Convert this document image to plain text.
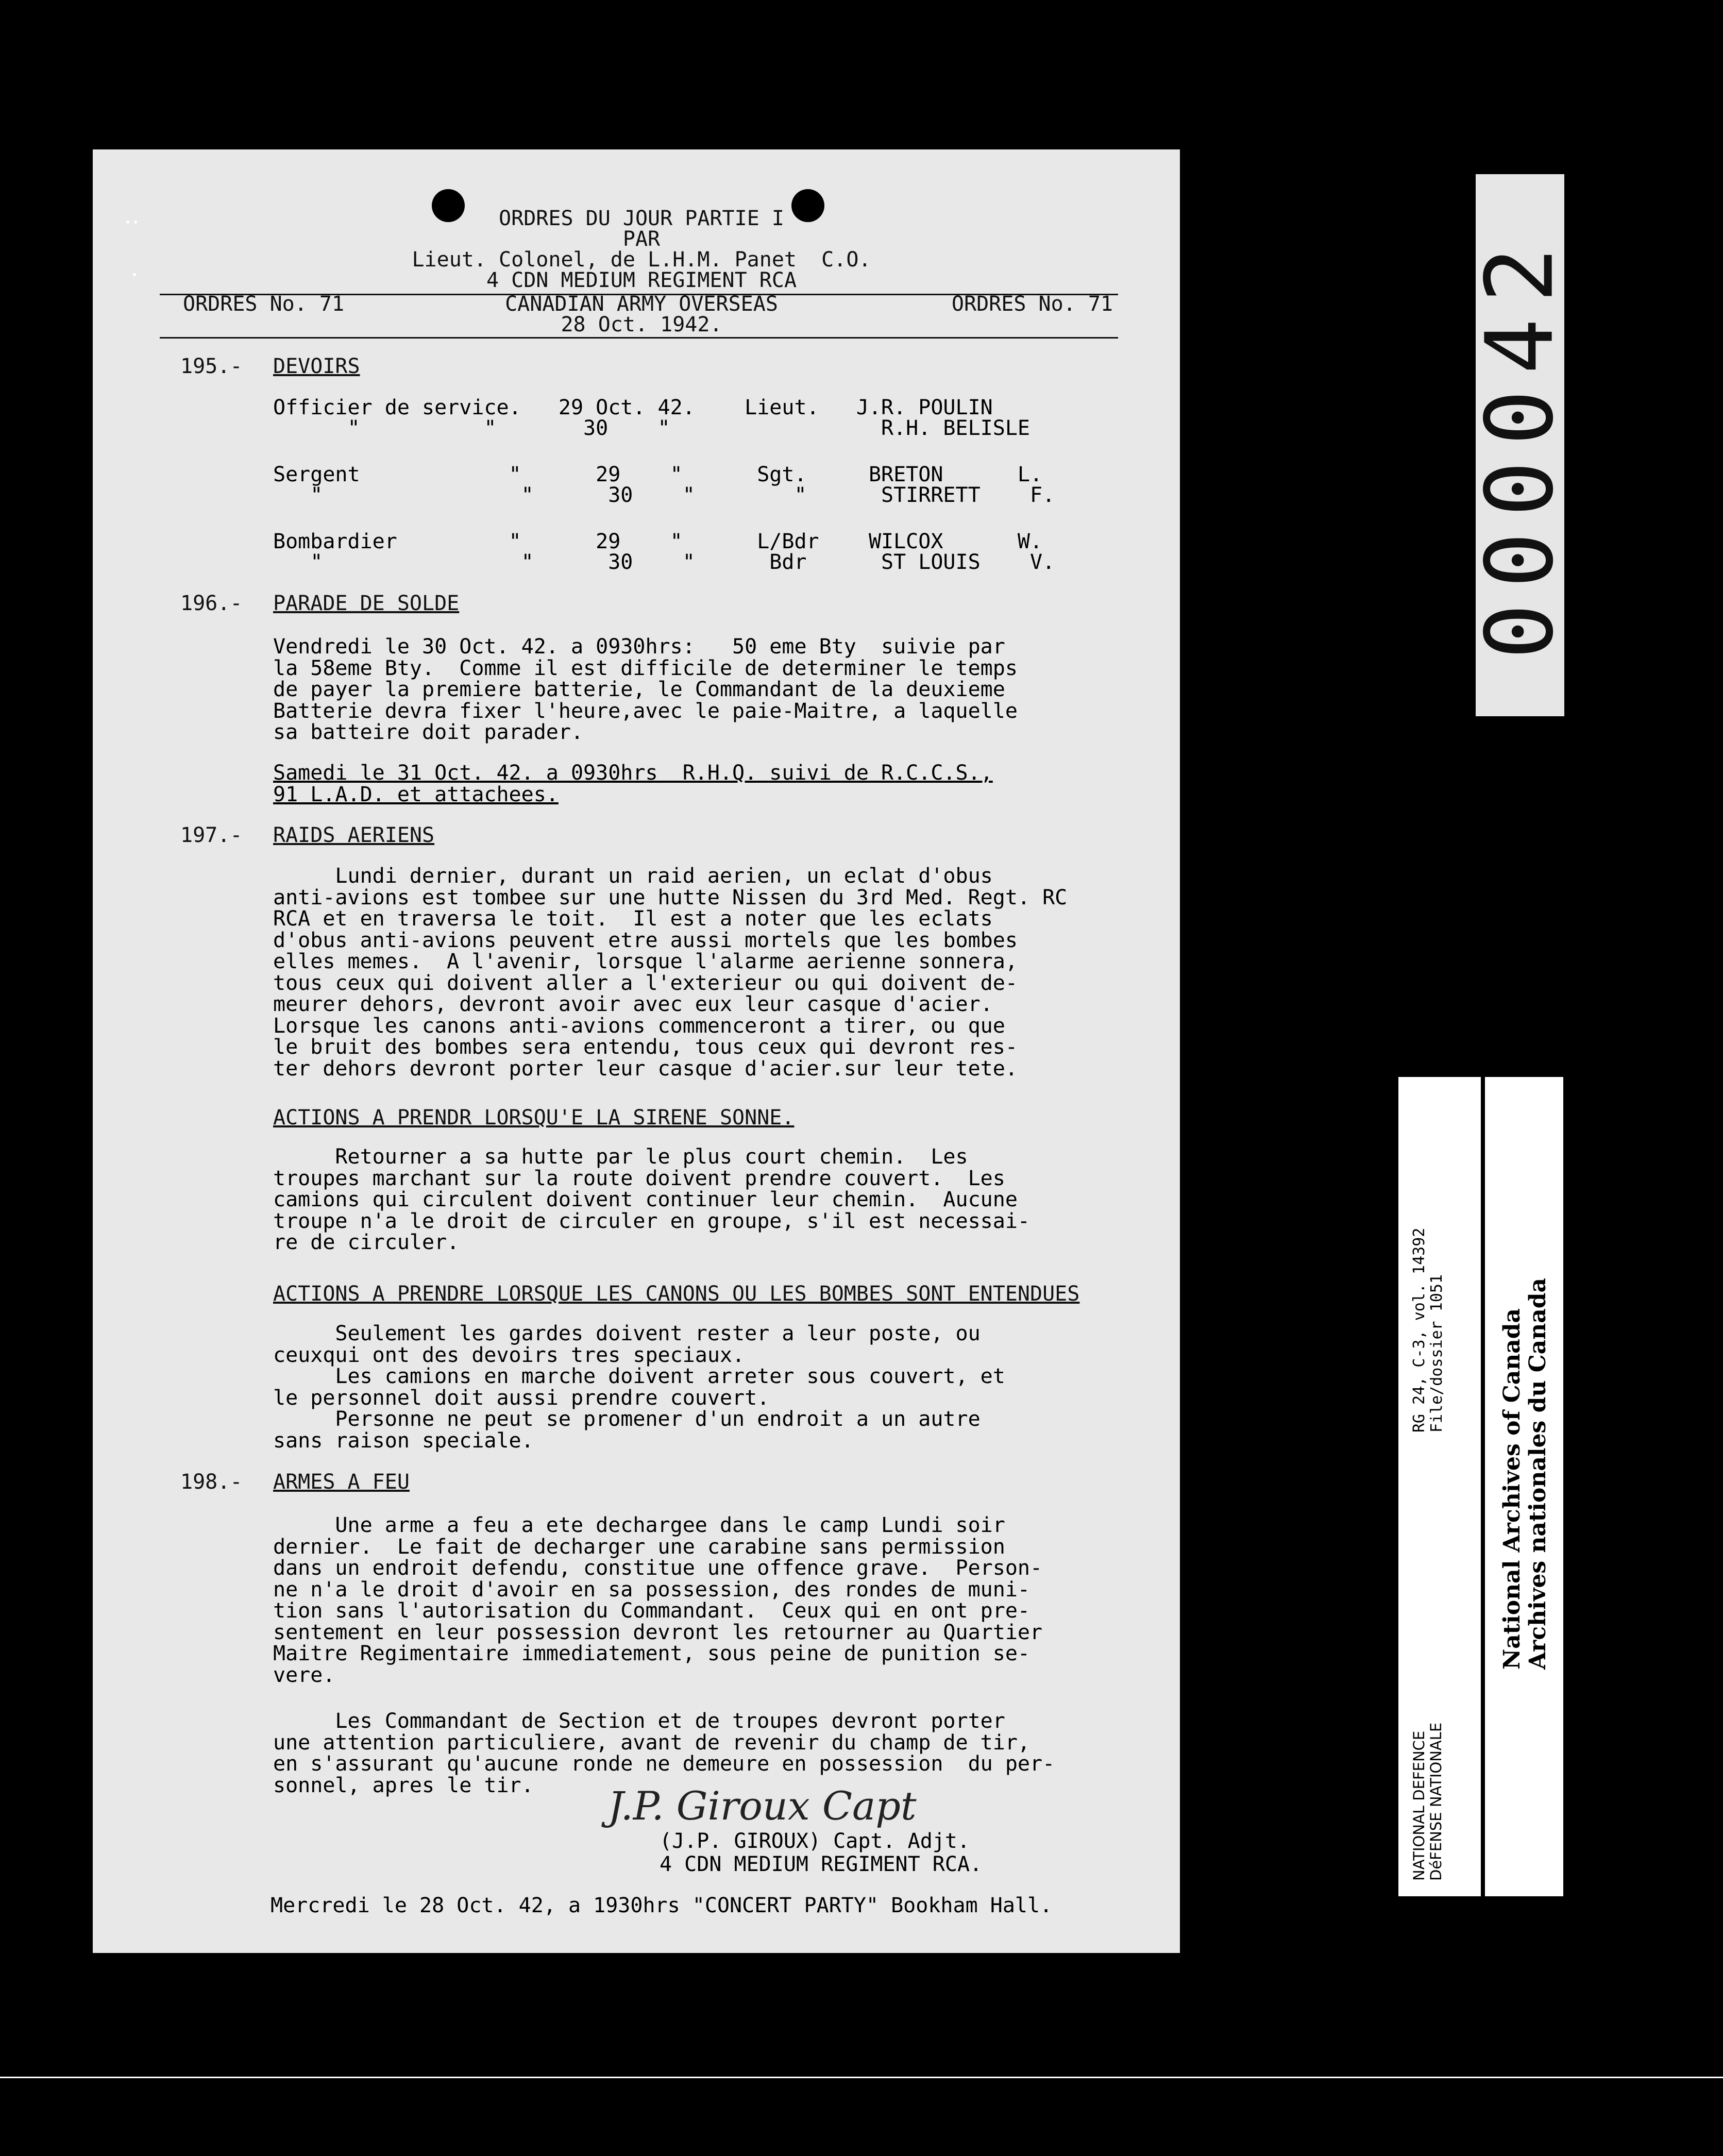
ORDRES DU JOUR PARTIE I
PAR
Lieut. Colonel, de L.H.M. Panet  C.O.
4 CDN MEDIUM REGIMENT RCA
ORDRES No. 71	CANADIAN ARMY OVERSEAS	ORDRES No. 71
28 Oct. 1942.
195.- DEVOIRS
Officier de service.   29 Oct. 42.    Lieut.   J.R. POULIN
"          "       30    "                 R.H. BELISLE
Sergent            "      29    "      Sgt.     BRETON      L.
"                "      30    "        "      STIRRETT    F.
Bombardier         "      29    "      L/Bdr    WILCOX      W.
"                "      30    "      Bdr      ST LOUIS    V.
196.- PARADE DE SOLDE
Vendredi le 30 Oct. 42. a 0930hrs:   50 eme Bty  suivie par
la 58eme Bty.  Comme il est difficile de determiner le temps
de payer la premiere batterie, le Commandant de la deuxieme
Batterie devra fixer l'heure,avec le paie-Maitre, a laquelle
sa batteire doit parader.
Samedi le 31 Oct. 42. a 0930hrs  R.H.Q. suivi de R.C.C.S.,
91 L.A.D. et attachees.
197.- RAIDS AERIENS
Lundi dernier, durant un raid aerien, un eclat d'obus
anti-avions est tombee sur une hutte Nissen du 3rd Med. Regt. RC
RCA et en traversa le toit.  Il est a noter que les eclats
d'obus anti-avions peuvent etre aussi mortels que les bombes
elles memes.  A l'avenir, lorsque l'alarme aerienne sonnera,
tous ceux qui doivent aller a l'exterieur ou qui doivent de-
meurer dehors, devront avoir avec eux leur casque d'acier.
Lorsque les canons anti-avions commenceront a tirer, ou que
le bruit des bombes sera entendu, tous ceux qui devront res-
ter dehors devront porter leur casque d'acier.sur leur tete.
ACTIONS A PRENDR LORSQU'E LA SIRENE SONNE.
Retourner a sa hutte par le plus court chemin.  Les
troupes marchant sur la route doivent prendre couvert.  Les
camions qui circulent doivent continuer leur chemin.  Aucune
troupe n'a le droit de circuler en groupe, s'il est necessai-
re de circuler.
ACTIONS A PRENDRE LORSQUE LES CANONS OU LES BOMBES SONT ENTENDUES
Seulement les gardes doivent rester a leur poste, ou
ceuxqui ont des devoirs tres speciaux.
Les camions en marche doivent arreter sous couvert, et
le personnel doit aussi prendre couvert.
Personne ne peut se promener d'un endroit a un autre
sans raison speciale.
198.- ARMES A FEU
Une arme a feu a ete dechargee dans le camp Lundi soir
dernier.  Le fait de decharger une carabine sans permission
dans un endroit defendu, constitue une offence grave.  Person-
ne n'a le droit d'avoir en sa possession, des rondes de muni-
tion sans l'autorisation du Commandant.  Ceux qui en ont pre-
sentement en leur possession devront les retourner au Quartier
Maitre Regimentaire immediatement, sous peine de punition se-
vere.
Les Commandant de Section et de troupes devront porter
une attention particuliere, avant de revenir du champ de tir,
en s'assurant qu'aucune ronde ne demeure en possession  du per-
sonnel, apres le tir.	J.P. Giroux Capt
(J.P. GIROUX) Capt. Adjt.
4 CDN MEDIUM REGIMENT RCA.
Mercredi le 28 Oct. 42, a 1930hrs "CONCERT PARTY" Bookham Hall.
000042
RG 24, C-3, vol. 14392 File/dossier 1051
NATIONAL DEFENCE DéFENSE NATIONALE
National Archives of Canada Archives nationales du Canada
